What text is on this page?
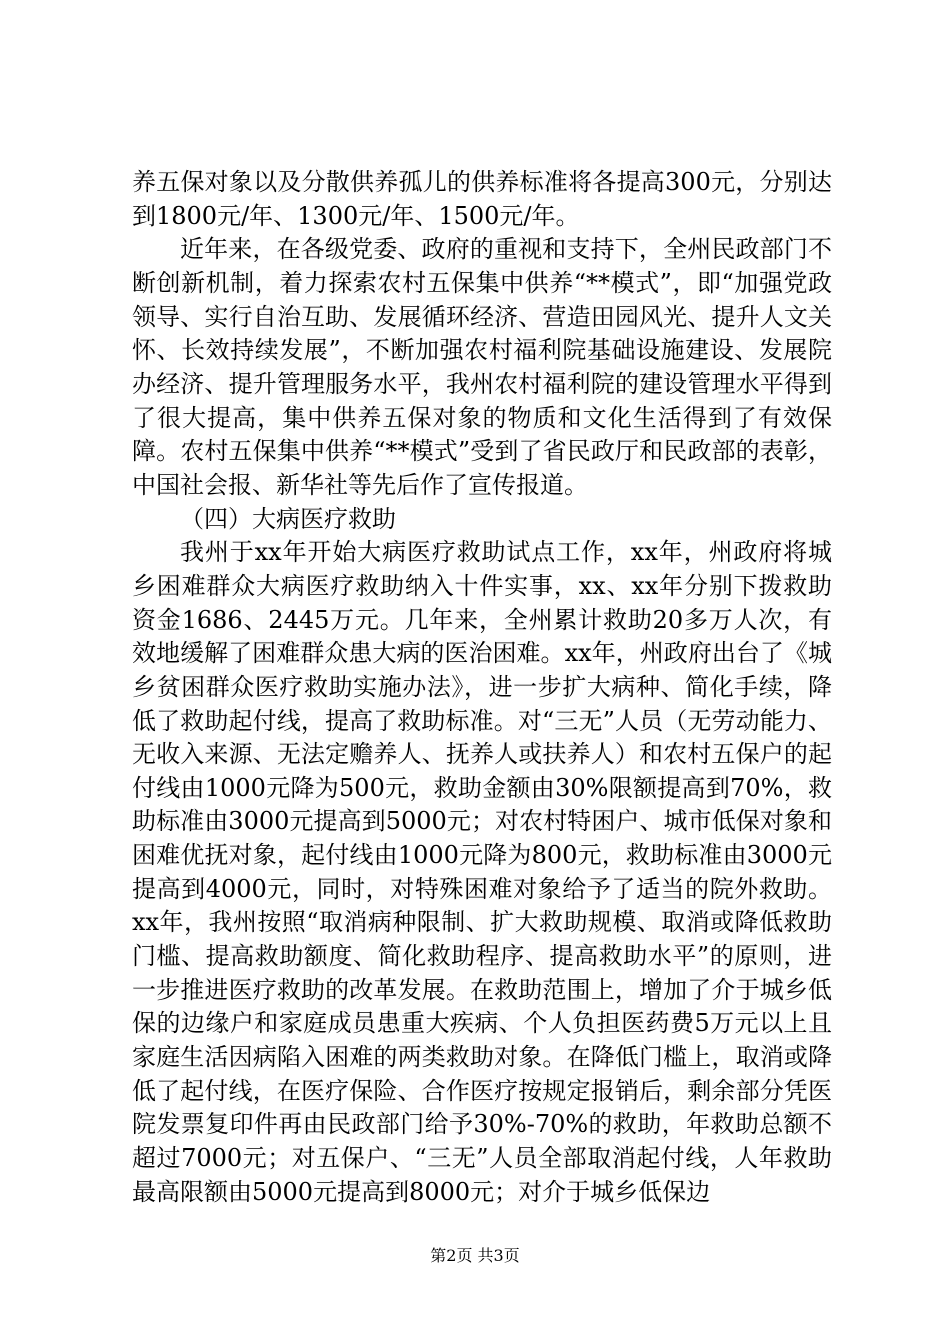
养五保对象以及分散供养孤儿的供养标准将各提高300元，分别达到1800元/年、1300元/年、1500元/年。

近年来，在各级党委、政府的重视和支持下，全州民政部门不断创新机制，着力探索农村五保集中供养“**模式”，即“加强党政领导、实行自治互助、发展循环经济、营造田园风光、提升人文关怀、长效持续发展”，不断加强农村福利院基础设施建设、发展院办经济、提升管理服务水平，我州农村福利院的建设管理水平得到了很大提高，集中供养五保对象的物质和文化生活得到了有效保障。农村五保集中供养“**模式”受到了省民政厅和民政部的表彰，中国社会报、新华社等先后作了宣传报道。

（四）大病医疗救助

我州于xx年开始大病医疗救助试点工作，xx年，州政府将城乡困难群众大病医疗救助纳入十件实事，xx、xx年分别下拨救助资金1686、2445万元。几年来，全州累计救助20多万人次，有效地缓解了困难群众患大病的医治困难。xx年，州政府出台了《城乡贫困群众医疗救助实施办法》，进一步扩大病种、简化手续，降低了救助起付线，提高了救助标准。对“三无”人员（无劳动能力、无收入来源、无法定赡养人、抚养人或扶养人）和农村五保户的起付线由1000元降为500元，救助金额由30%限额提高到70%，救助标准由3000元提高到5000元；对农村特困户、城市低保对象和困难优抚对象，起付线由1000元降为800元，救助标准由3000元提高到4000元，同时，对特殊困难对象给予了适当的院外救助。xx年，我州按照“取消病种限制、扩大救助规模、取消或降低救助门槛、提高救助额度、简化救助程序、提高救助水平”的原则，进一步推进医疗救助的改革发展。在救助范围上，增加了介于城乡低保的边缘户和家庭成员患重大疾病、个人负担医药费5万元以上且家庭生活因病陷入困难的两类救助对象。在降低门槛上，取消或降低了起付线，在医疗保险、合作医疗按规定报销后，剩余部分凭医院发票复印件再由民政部门给予30%-70%的救助，年救助总额不超过7000元；对五保户、“三无”人员全部取消起付线，人年救助最高限额由5000元提高到8000元；对介于城乡低保边

第2页 共3页
